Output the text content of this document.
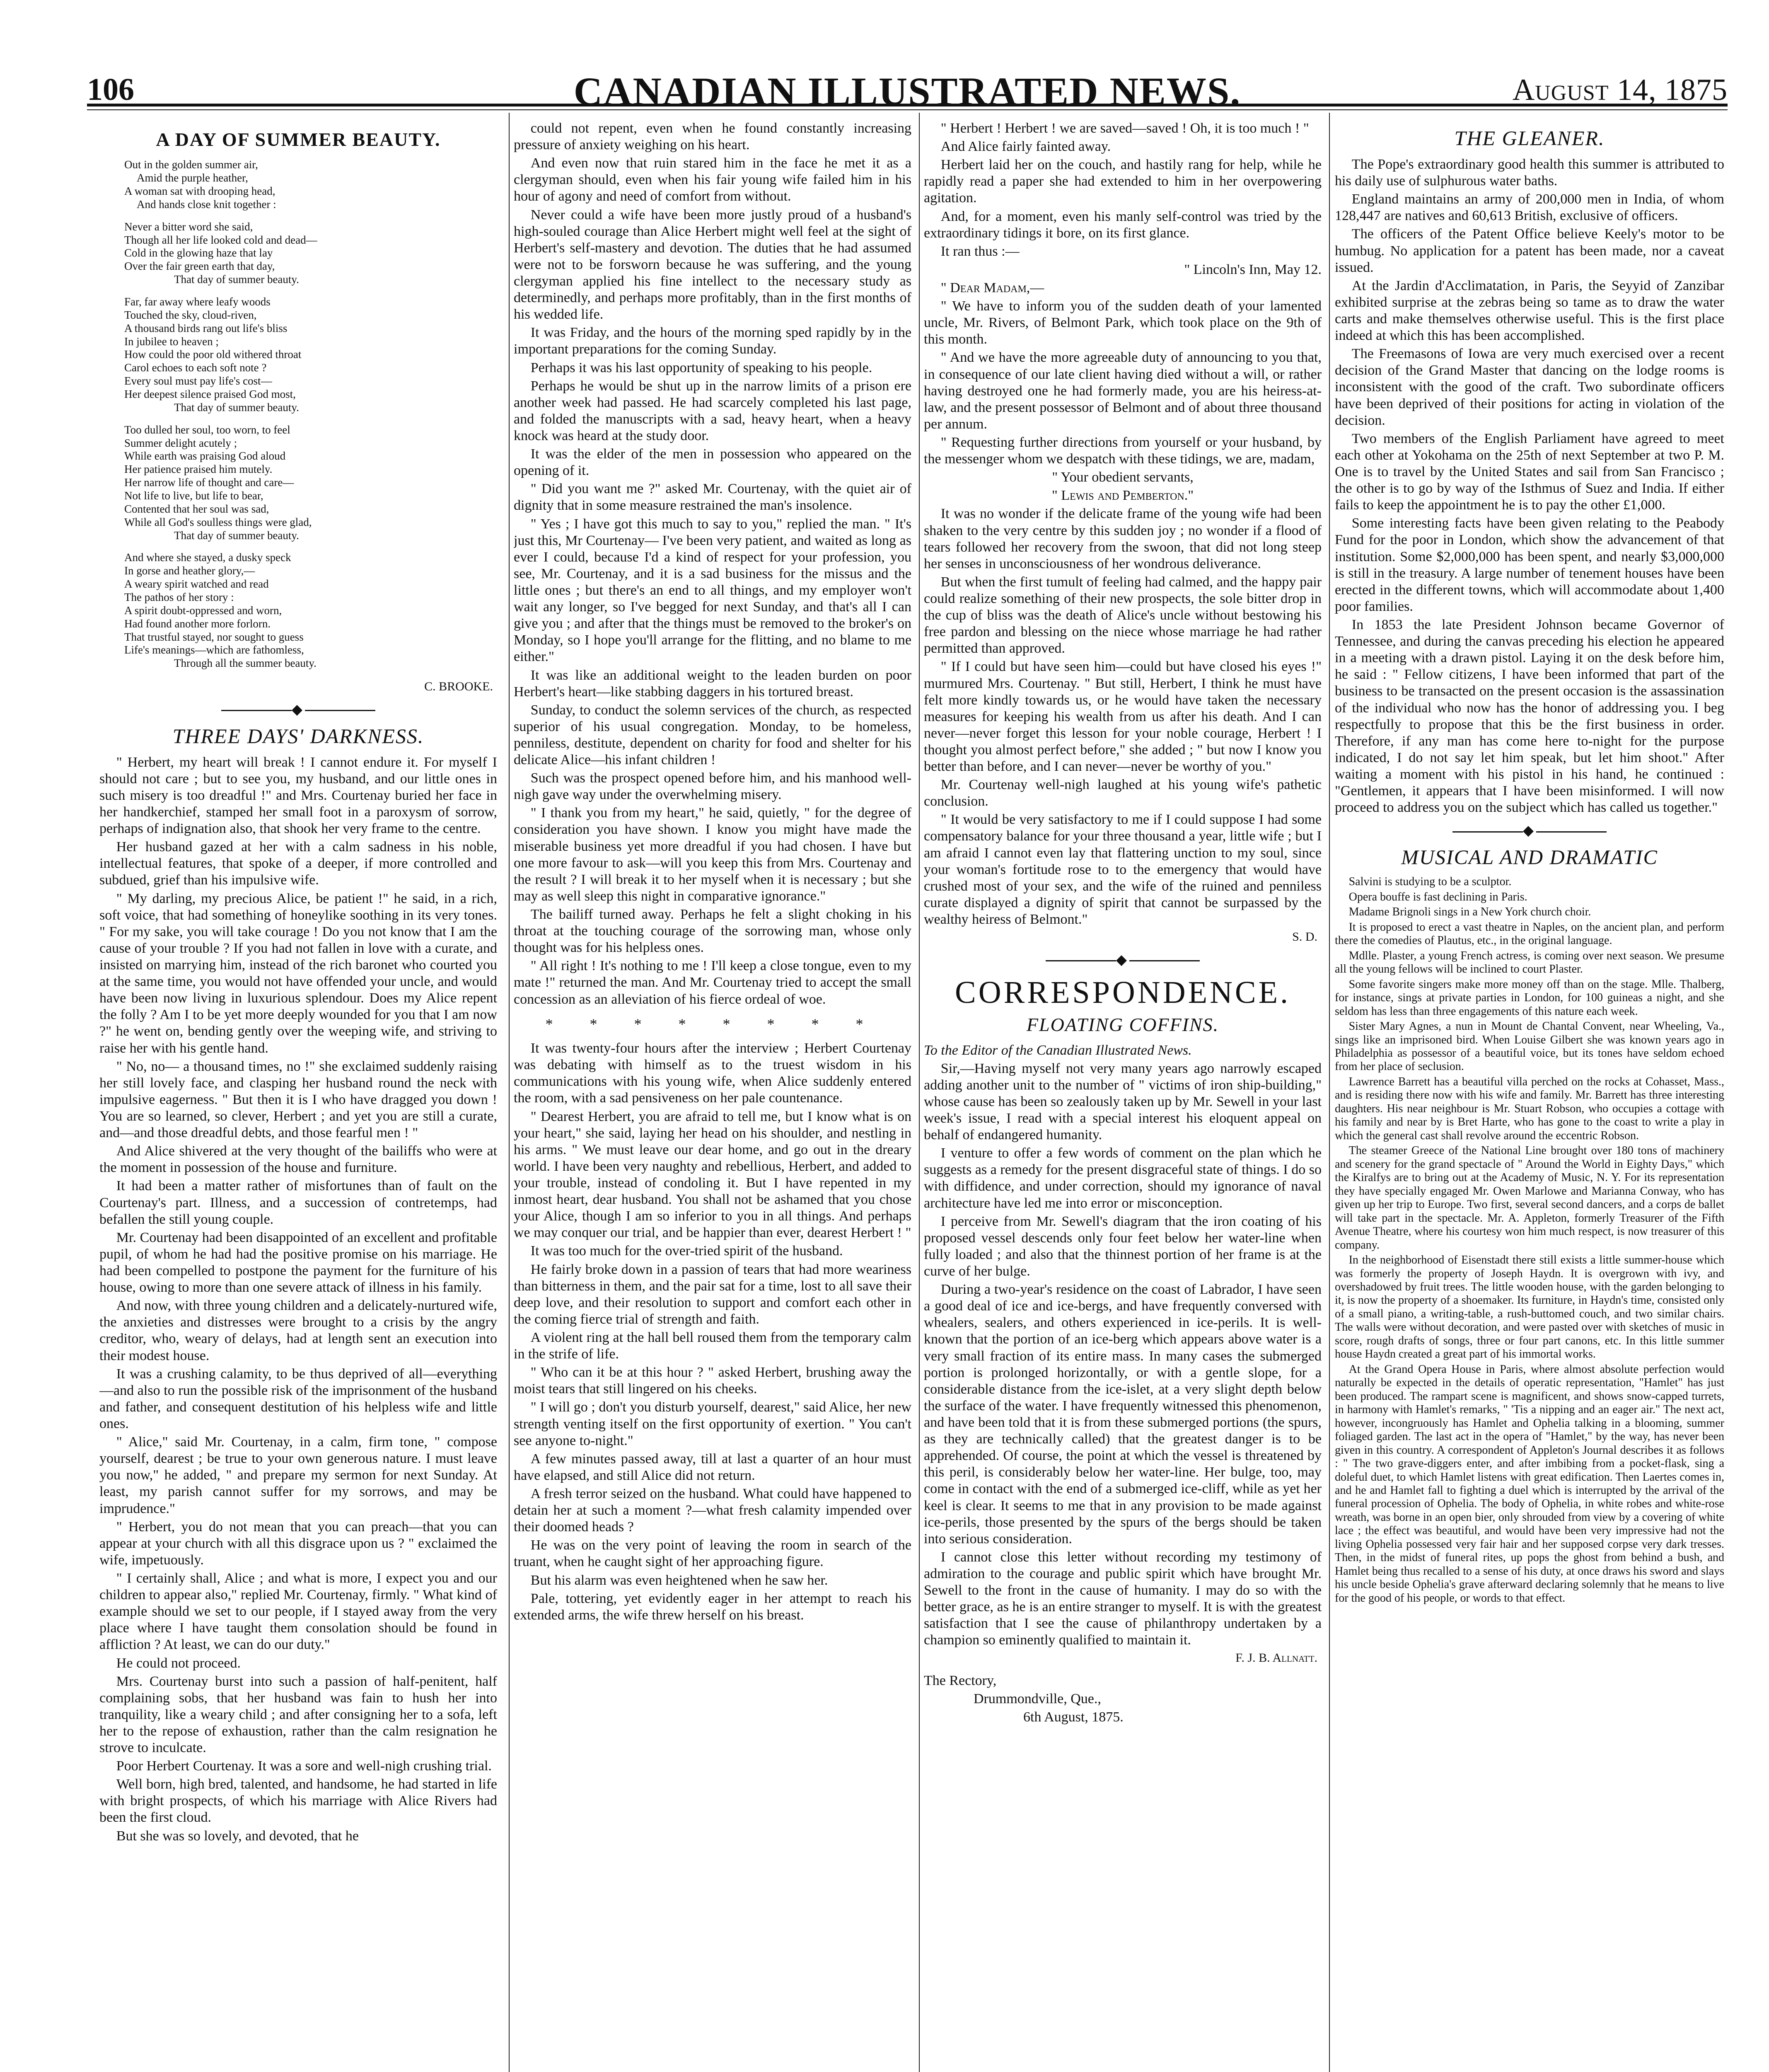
106	CANADIAN ILLUSTRATED NEWS.	August 14, 1875
A DAY OF SUMMER BEAUTY.
Out in the golden summer air,
Amid the purple heather,
A woman sat with drooping head,
And hands close knit together :
Never a bitter word she said,
Though all her life looked cold and dead—
Cold in the glowing haze that lay
Over the fair green earth that day,
That day of summer beauty.
Far, far away where leafy woods
Touched the sky, cloud-riven,
A thousand birds rang out life's bliss
In jubilee to heaven ;
How could the poor old withered throat
Carol echoes to each soft note ?
Every soul must pay life's cost—
Her deepest silence praised God most,
That day of summer beauty.
Too dulled her soul, too worn, to feel
Summer delight acutely ;
While earth was praising God aloud
Her patience praised him mutely.
Her narrow life of thought and care—
Not life to live, but life to bear,
Contented that her soul was sad,
While all God's soulless things were glad,
That day of summer beauty.
And where she stayed, a dusky speck
In gorse and heather glory,—
A weary spirit watched and read
The pathos of her story :
A spirit doubt-oppressed and worn,
Had found another more forlorn.
That trustful stayed, nor sought to guess
Life's meanings—which are fathomless,
Through all the summer beauty.
C. BROOKE.
◆
THREE DAYS' DARKNESS.

" Herbert, my heart will break ! I cannot endure it. For myself I should not care ; but to see you, my husband, and our little ones in such misery is too dreadful !" and Mrs. Courtenay buried her face in her handkerchief, stamped her small foot in a paroxysm of sorrow, perhaps of indignation also, that shook her very frame to the centre.

Her husband gazed at her with a calm sadness in his noble, intellectual features, that spoke of a deeper, if more controlled and subdued, grief than his impulsive wife.

" My darling, my precious Alice, be patient !" he said, in a rich, soft voice, that had something of honeylike soothing in its very tones. " For my sake, you will take courage ! Do you not know that I am the cause of your trouble ? If you had not fallen in love with a curate, and insisted on marrying him, instead of the rich baronet who courted you at the same time, you would not have offended your uncle, and would have been now living in luxurious splendour. Does my Alice repent the folly ? Am I to be yet more deeply wounded for you that I am now ?" he went on, bending gently over the weeping wife, and striving to raise her with his gentle hand.

" No, no— a thousand times, no !" she exclaimed suddenly raising her still lovely face, and clasping her husband round the neck with impulsive eagerness. " But then it is I who have dragged you down ! You are so learned, so clever, Herbert ; and yet you are still a curate, and—and those dreadful debts, and those fearful men ! "

And Alice shivered at the very thought of the bailiffs who were at the moment in possession of the house and furniture.

It had been a matter rather of misfortunes than of fault on the Courtenay's part. Illness, and a succession of contretemps, had befallen the still young couple.

Mr. Courtenay had been disappointed of an excellent and profitable pupil, of whom he had had the positive promise on his marriage. He had been compelled to postpone the payment for the furniture of his house, owing to more than one severe attack of illness in his family.

And now, with three young children and a delicately-nurtured wife, the anxieties and distresses were brought to a crisis by the angry creditor, who, weary of delays, had at length sent an execution into their modest house.

It was a crushing calamity, to be thus deprived of all—everything —and also to run the possible risk of the imprisonment of the husband and father, and consequent destitution of his helpless wife and little ones.

" Alice," said Mr. Courtenay, in a calm, firm tone, " compose yourself, dearest ; be true to your own generous nature. I must leave you now," he added, " and prepare my sermon for next Sunday. At least, my parish cannot suffer for my sorrows, and may be imprudence."

" Herbert, you do not mean that you can preach—that you can appear at your church with all this disgrace upon us ? " exclaimed the wife, impetuously.

" I certainly shall, Alice ; and what is more, I expect you and our children to appear also," replied Mr. Courtenay, firmly. " What kind of example should we set to our people, if I stayed away from the very place where I have taught them consolation should be found in affliction ? At least, we can do our duty."

He could not proceed.

Mrs. Courtenay burst into such a passion of half-penitent, half complaining sobs, that her husband was fain to hush her into tranquility, like a weary child ; and after consigning her to a sofa, left her to the repose of exhaustion, rather than the calm resignation he strove to inculcate.

Poor Herbert Courtenay. It was a sore and well-nigh crushing trial.

Well born, high bred, talented, and handsome, he had started in life with bright prospects, of which his marriage with Alice Rivers had been the first cloud.

But she was so lovely, and devoted, that he

could not repent, even when he found constantly increasing pressure of anxiety weighing on his heart.

And even now that ruin stared him in the face he met it as a clergyman should, even when his fair young wife failed him in his hour of agony and need of comfort from without.

Never could a wife have been more justly proud of a husband's high-souled courage than Alice Herbert might well feel at the sight of Herbert's self-mastery and devotion. The duties that he had assumed were not to be forsworn because he was suffering, and the young clergyman applied his fine intellect to the necessary study as determinedly, and perhaps more profitably, than in the first months of his wedded life.

It was Friday, and the hours of the morning sped rapidly by in the important preparations for the coming Sunday.

Perhaps it was his last opportunity of speaking to his people.

Perhaps he would be shut up in the narrow limits of a prison ere another week had passed. He had scarcely completed his last page, and folded the manuscripts with a sad, heavy heart, when a heavy knock was heard at the study door.

It was the elder of the men in possession who appeared on the opening of it.

" Did you want me ?" asked Mr. Courtenay, with the quiet air of dignity that in some measure restrained the man's insolence.

" Yes ; I have got this much to say to you," replied the man. " It's just this, Mr Courtenay— I've been very patient, and waited as long as ever I could, because I'd a kind of respect for your profession, you see, Mr. Courtenay, and it is a sad business for the missus and the little ones ; but there's an end to all things, and my employer won't wait any longer, so I've begged for next Sunday, and that's all I can give you ; and after that the things must be removed to the broker's on Monday, so I hope you'll arrange for the flitting, and no blame to me either."

It was like an additional weight to the leaden burden on poor Herbert's heart—like stabbing daggers in his tortured breast.

Sunday, to conduct the solemn services of the church, as respected superior of his usual congregation. Monday, to be homeless, penniless, destitute, dependent on charity for food and shelter for his delicate Alice—his infant children !

Such was the prospect opened before him, and his manhood well-nigh gave way under the overwhelming misery.

" I thank you from my heart," he said, quietly, " for the degree of consideration you have shown. I know you might have made the miserable business yet more dreadful if you had chosen. I have but one more favour to ask—will you keep this from Mrs. Courtenay and the result ? I will break it to her myself when it is necessary ; but she may as well sleep this night in comparative ignorance."

The bailiff turned away. Perhaps he felt a slight choking in his throat at the touching courage of the sorrowing man, whose only thought was for his helpless ones.

" All right ! It's nothing to me ! I'll keep a close tongue, even to my mate !" returned the man. And Mr. Courtenay tried to accept the small concession as an alleviation of his fierce ordeal of woe.

* * * * * * * *

It was twenty-four hours after the interview ; Herbert Courtenay was debating with himself as to the truest wisdom in his communications with his young wife, when Alice suddenly entered the room, with a sad pensiveness on her pale countenance.

" Dearest Herbert, you are afraid to tell me, but I know what is on your heart," she said, laying her head on his shoulder, and nestling in his arms. " We must leave our dear home, and go out in the dreary world. I have been very naughty and rebellious, Herbert, and added to your trouble, instead of condoling it. But I have repented in my inmost heart, dear husband. You shall not be ashamed that you chose your Alice, though I am so inferior to you in all things. And perhaps we may conquer our trial, and be happier than ever, dearest Herbert ! "

It was too much for the over-tried spirit of the husband.

He fairly broke down in a passion of tears that had more weariness than bitterness in them, and the pair sat for a time, lost to all save their deep love, and their resolution to support and comfort each other in the coming fierce trial of strength and faith.

A violent ring at the hall bell roused them from the temporary calm in the strife of life.

" Who can it be at this hour ? " asked Herbert, brushing away the moist tears that still lingered on his cheeks.

" I will go ; don't you disturb yourself, dearest," said Alice, her new strength venting itself on the first opportunity of exertion. " You can't see anyone to-night."

A few minutes passed away, till at last a quarter of an hour must have elapsed, and still Alice did not return.

A fresh terror seized on the husband. What could have happened to detain her at such a moment ?—what fresh calamity impended over their doomed heads ?

He was on the very point of leaving the room in search of the truant, when he caught sight of her approaching figure.

But his alarm was even heightened when he saw her.

Pale, tottering, yet evidently eager in her attempt to reach his extended arms, the wife threw herself on his breast.

" Herbert ! Herbert ! we are saved—saved ! Oh, it is too much ! "

And Alice fairly fainted away.

Herbert laid her on the couch, and hastily rang for help, while he rapidly read a paper she had extended to him in her overpowering agitation.

And, for a moment, even his manly self-control was tried by the extraordinary tidings it bore, on its first glance.

It ran thus :—

" Lincoln's Inn, May 12.

" Dear Madam,—

" We have to inform you of the sudden death of your lamented uncle, Mr. Rivers, of Belmont Park, which took place on the 9th of this month.

" And we have the more agreeable duty of announcing to you that, in consequence of our late client having died without a will, or rather having destroyed one he had formerly made, you are his heiress-at-law, and the present possessor of Belmont and of about three thousand per annum.

" Requesting further directions from yourself or your husband, by the messenger whom we despatch with these tidings, we are, madam,

" Your obedient servants,

" Lewis and Pemberton."

It was no wonder if the delicate frame of the young wife had been shaken to the very centre by this sudden joy ; no wonder if a flood of tears followed her recovery from the swoon, that did not long steep her senses in unconsciousness of her wondrous deliverance.

But when the first tumult of feeling had calmed, and the happy pair could realize something of their new prospects, the sole bitter drop in the cup of bliss was the death of Alice's uncle without bestowing his free pardon and blessing on the niece whose marriage he had rather permitted than approved.

" If I could but have seen him—could but have closed his eyes !" murmured Mrs. Courtenay. " But still, Herbert, I think he must have felt more kindly towards us, or he would have taken the necessary measures for keeping his wealth from us after his death. And I can never—never forget this lesson for your noble courage, Herbert ! I thought you almost perfect before," she added ; " but now I know you better than before, and I can never—never be worthy of you."

Mr. Courtenay well-nigh laughed at his young wife's pathetic conclusion.

" It would be very satisfactory to me if I could suppose I had some compensatory balance for your three thousand a year, little wife ; but I am afraid I cannot even lay that flattering unction to my soul, since your woman's fortitude rose to to the emergency that would have crushed most of your sex, and the wife of the ruined and penniless curate displayed a dignity of spirit that cannot be surpassed by the wealthy heiress of Belmont."

S. D.
◆
CORRESPONDENCE.
FLOATING COFFINS.

To the Editor of the Canadian Illustrated News.

Sir,—Having myself not very many years ago narrowly escaped adding another unit to the number of " victims of iron ship-building," whose cause has been so zealously taken up by Mr. Sewell in your last week's issue, I read with a special interest his eloquent appeal on behalf of endangered humanity.

I venture to offer a few words of comment on the plan which he suggests as a remedy for the present disgraceful state of things. I do so with diffidence, and under correction, should my ignorance of naval architecture have led me into error or misconception.

I perceive from Mr. Sewell's diagram that the iron coating of his proposed vessel descends only four feet below her water-line when fully loaded ; and also that the thinnest portion of her frame is at the curve of her bulge.

During a two-year's residence on the coast of Labrador, I have seen a good deal of ice and ice-bergs, and have frequently conversed with whealers, sealers, and others experienced in ice-perils. It is well-known that the portion of an ice-berg which appears above water is a very small fraction of its entire mass. In many cases the submerged portion is prolonged horizontally, or with a gentle slope, for a considerable distance from the ice-islet, at a very slight depth below the surface of the water. I have frequently witnessed this phenomenon, and have been told that it is from these submerged portions (the spurs, as they are technically called) that the greatest danger is to be apprehended. Of course, the point at which the vessel is threatened by this peril, is considerably below her water-line. Her bulge, too, may come in contact with the end of a submerged ice-cliff, while as yet her keel is clear. It seems to me that in any provision to be made against ice-perils, those presented by the spurs of the bergs should be taken into serious consideration.

I cannot close this letter without recording my testimony of admiration to the courage and public spirit which have brought Mr. Sewell to the front in the cause of humanity. I may do so with the better grace, as he is an entire stranger to myself. It is with the greatest satisfaction that I see the cause of philanthropy undertaken by a champion so eminently qualified to maintain it.

F. J. B. Allnatt.

The Rectory,

Drummondville, Que.,

6th August, 1875.

THE GLEANER.

The Pope's extraordinary good health this summer is attributed to his daily use of sulphurous water baths.

England maintains an army of 200,000 men in India, of whom 128,447 are natives and 60,613 British, exclusive of officers.

The officers of the Patent Office believe Keely's motor to be humbug. No application for a patent has been made, nor a caveat issued.

At the Jardin d'Acclimatation, in Paris, the Seyyid of Zanzibar exhibited surprise at the zebras being so tame as to draw the water carts and make themselves otherwise useful. This is the first place indeed at which this has been accomplished.

The Freemasons of Iowa are very much exercised over a recent decision of the Grand Master that dancing on the lodge rooms is inconsistent with the good of the craft. Two subordinate officers have been deprived of their positions for acting in violation of the decision.

Two members of the English Parliament have agreed to meet each other at Yokohama on the 25th of next September at two P. M. One is to travel by the United States and sail from San Francisco ; the other is to go by way of the Isthmus of Suez and India. If either fails to keep the appointment he is to pay the other £1,000.

Some interesting facts have been given relating to the Peabody Fund for the poor in London, which show the advancement of that institution. Some $2,000,000 has been spent, and nearly $3,000,000 is still in the treasury. A large number of tenement houses have been erected in the different towns, which will accommodate about 1,400 poor families.

In 1853 the late President Johnson became Governor of Tennessee, and during the canvas preceding his election he appeared in a meeting with a drawn pistol. Laying it on the desk before him, he said : " Fellow citizens, I have been informed that part of the business to be transacted on the present occasion is the assassination of the individual who now has the honor of addressing you. I beg respectfully to propose that this be the first business in order. Therefore, if any man has come here to-night for the purpose indicated, I do not say let him speak, but let him shoot." After waiting a moment with his pistol in his hand, he continued : "Gentlemen, it appears that I have been misinformed. I will now proceed to address you on the subject which has called us together."

◆
MUSICAL AND DRAMATIC

Salvini is studying to be a sculptor.

Opera bouffe is fast declining in Paris.

Madame Brignoli sings in a New York church choir.

It is proposed to erect a vast theatre in Naples, on the ancient plan, and perform there the comedies of Plautus, etc., in the original language.

Mdlle. Plaster, a young French actress, is coming over next season. We presume all the young fellows will be inclined to court Plaster.

Some favorite singers make more money off than on the stage. Mlle. Thalberg, for instance, sings at private parties in London, for 100 guineas a night, and she seldom has less than three engagements of this nature each week.

Sister Mary Agnes, a nun in Mount de Chantal Convent, near Wheeling, Va., sings like an imprisoned bird. When Louise Gilbert she was known years ago in Philadelphia as possessor of a beautiful voice, but its tones have seldom echoed from her place of seclusion.

Lawrence Barrett has a beautiful villa perched on the rocks at Cohasset, Mass., and is residing there now with his wife and family. Mr. Barrett has three interesting daughters. His near neighbour is Mr. Stuart Robson, who occupies a cottage with his family and near by is Bret Harte, who has gone to the coast to write a play in which the general cast shall revolve around the eccentric Robson.

The steamer Greece of the National Line brought over 180 tons of machinery and scenery for the grand spectacle of " Around the World in Eighty Days," which the Kiralfys are to bring out at the Academy of Music, N. Y. For its representation they have specially engaged Mr. Owen Marlowe and Marianna Conway, who has given up her trip to Europe. Two first, several second dancers, and a corps de ballet will take part in the spectacle. Mr. A. Appleton, formerly Treasurer of the Fifth Avenue Theatre, where his courtesy won him much respect, is now treasurer of this company.

In the neighborhood of Eisenstadt there still exists a little summer-house which was formerly the property of Joseph Haydn. It is overgrown with ivy, and overshadowed by fruit trees. The little wooden house, with the garden belonging to it, is now the property of a shoemaker. Its furniture, in Haydn's time, consisted only of a small piano, a writing-table, a rush-buttomed couch, and two similar chairs. The walls were without decoration, and were pasted over with sketches of music in score, rough drafts of songs, three or four part canons, etc. In this little summer house Haydn created a great part of his immortal works.

At the Grand Opera House in Paris, where almost absolute perfection would naturally be expected in the details of operatic representation, "Hamlet" has just been produced. The rampart scene is magnificent, and shows snow-capped turrets, in harmony with Hamlet's remarks, " 'Tis a nipping and an eager air." The next act, however, incongruously has Hamlet and Ophelia talking in a blooming, summer foliaged garden. The last act in the opera of "Hamlet," by the way, has never been given in this country. A correspondent of Appleton's Journal describes it as follows : " The two grave-diggers enter, and after imbibing from a pocket-flask, sing a doleful duet, to which Hamlet listens with great edification. Then Laertes comes in, and he and Hamlet fall to fighting a duel which is interrupted by the arrival of the funeral procession of Ophelia. The body of Ophelia, in white robes and white-rose wreath, was borne in an open bier, only shrouded from view by a covering of white lace ; the effect was beautiful, and would have been very impressive had not the living Ophelia possessed very fair hair and her supposed corpse very dark tresses. Then, in the midst of funeral rites, up pops the ghost from behind a bush, and Hamlet being thus recalled to a sense of his duty, at once draws his sword and slays his uncle beside Ophelia's grave afterward declaring solemnly that he means to live for the good of his people, or words to that effect.
